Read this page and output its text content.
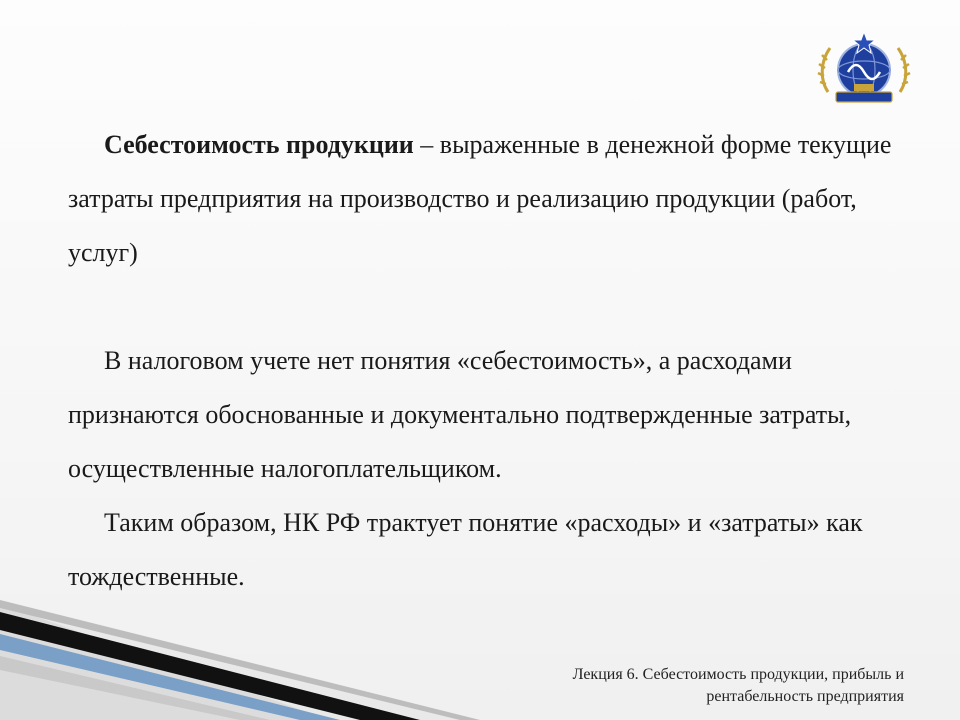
Себестоимость продукции – выраженные в денежной форме текущие затраты предприятия на производство и реализацию продукции (работ, услуг)

В налоговом учете нет понятия «себестоимость», а расходами признаются обоснованные и документально подтвержденные затраты, осуществленные налогоплательщиком.

Таким образом, НК РФ трактует понятие «расходы» и «затраты» как тождественные.

Лекция 6. Себестоимость продукции, прибыль и
рентабельность предприятия
